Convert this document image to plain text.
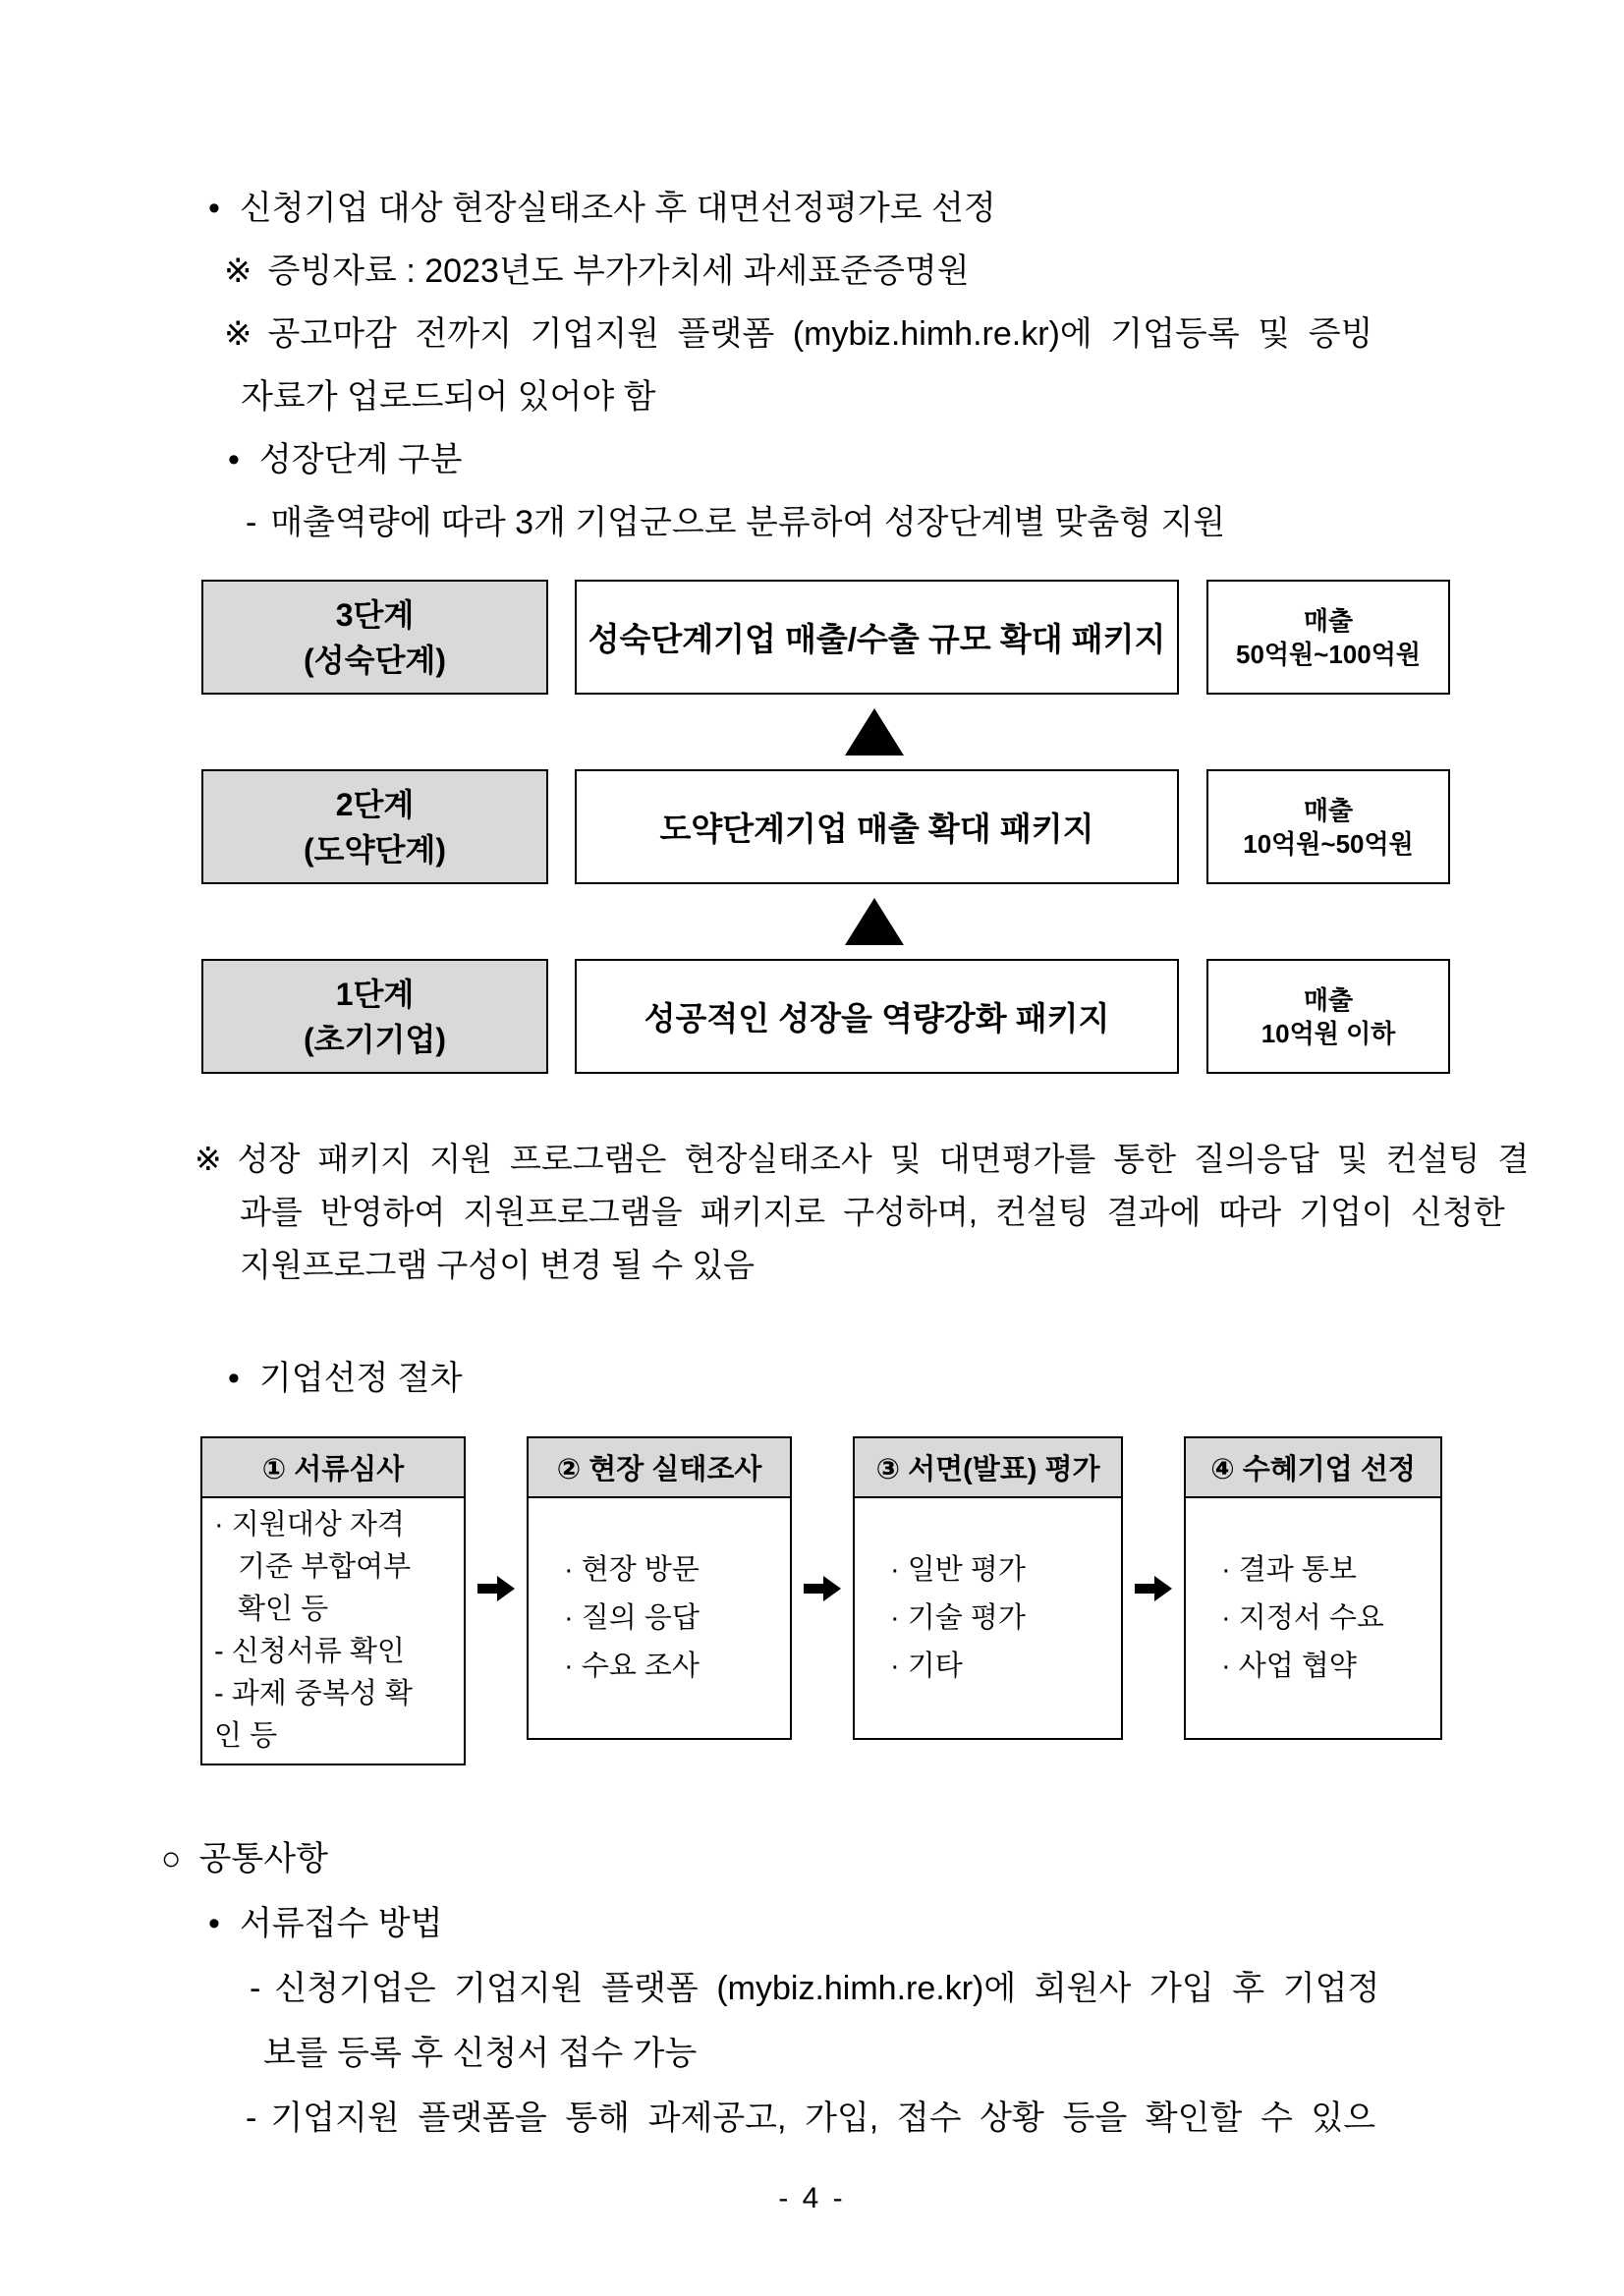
• 신청기업 대상 현장실태조사 후 대면선정평가로 선정
※ 증빙자료 : 2023년도 부가가치세 과세표준증명원
※ 공고마감 전까지 기업지원 플랫폼 (mybiz.himh.re.kr)에 기업등록 및 증빙
자료가 업로드되어 있어야 함
• 성장단계 구분
- 매출역량에 따라 3개 기업군으로 분류하여 성장단계별 맞춤형 지원
3단계
(성숙단계)
성숙단계기업 매출/수출 규모 확대 패키지
매출
50억원~100억원
2단계
(도약단계)
도약단계기업 매출 확대 패키지
매출
10억원~50억원
1단계
(초기기업)
성공적인 성장을 역량강화 패키지
매출
10억원 이하
※ 성장 패키지 지원 프로그램은 현장실태조사 및 대면평가를 통한 질의응답 및 컨설팅 결
과를 반영하여 지원프로그램을 패키지로 구성하며, 컨설팅 결과에 따라 기업이 신청한
지원프로그램 구성이 변경 될 수 있음
• 기업선정 절차
① 서류심사
· 지원대상 자격
기준 부합여부
확인 등
- 신청서류 확인
- 과제 중복성 확
인 등
② 현장 실태조사
· 현장 방문
· 질의 응답
· 수요 조사
③ 서면(발표) 평가
· 일반 평가
· 기술 평가
· 기타
④ 수혜기업 선정
· 결과 통보
· 지정서 수요
· 사업 협약
○ 공통사항
• 서류접수 방법
- 신청기업은 기업지원 플랫폼 (mybiz.himh.re.kr)에 회원사 가입 후 기업정
보를 등록 후 신청서 접수 가능
- 기업지원 플랫폼을 통해 과제공고, 가입, 접수 상황 등을 확인할 수 있으
- 4 -
